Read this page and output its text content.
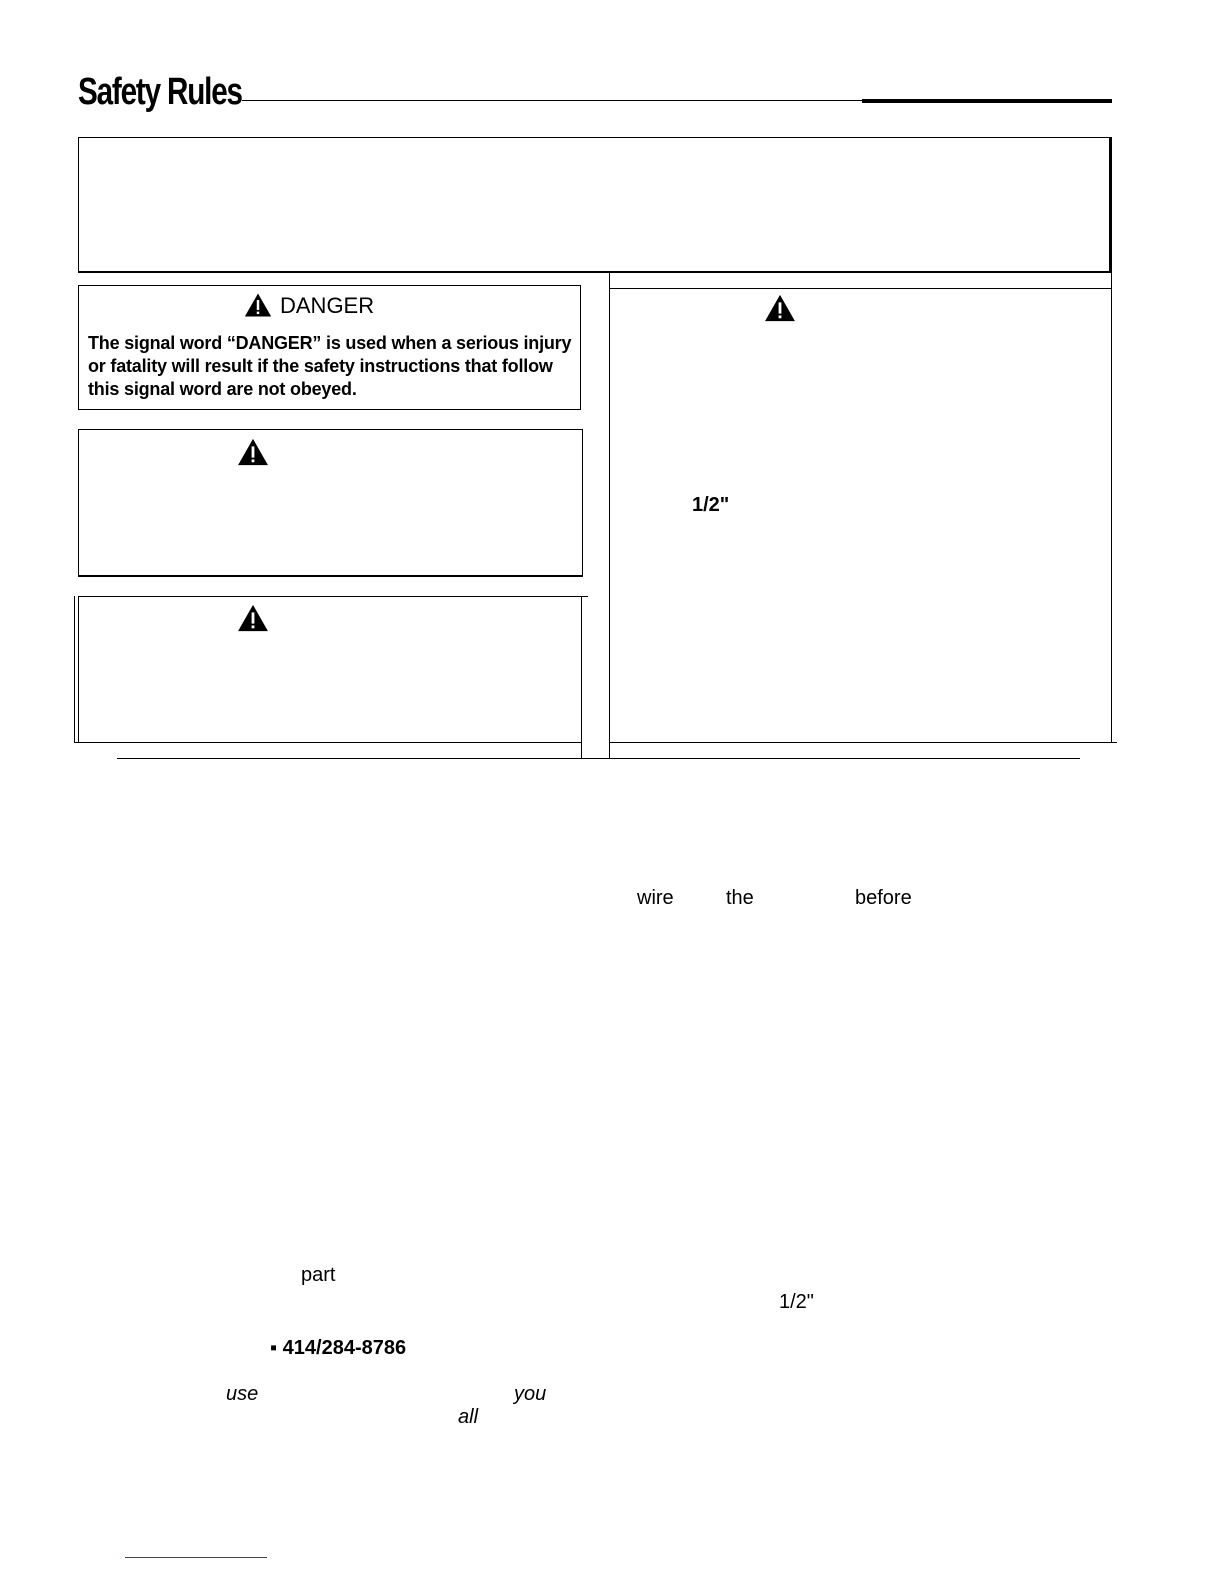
Safety Rules
DANGER
The signal word “DANGER” is used when a serious injury or fatality will result if the safety instructions that follow this signal word are not obeyed.
1/2"
wire	the	before
part
1/2"
▪ 414/284-8786
use	you
all
